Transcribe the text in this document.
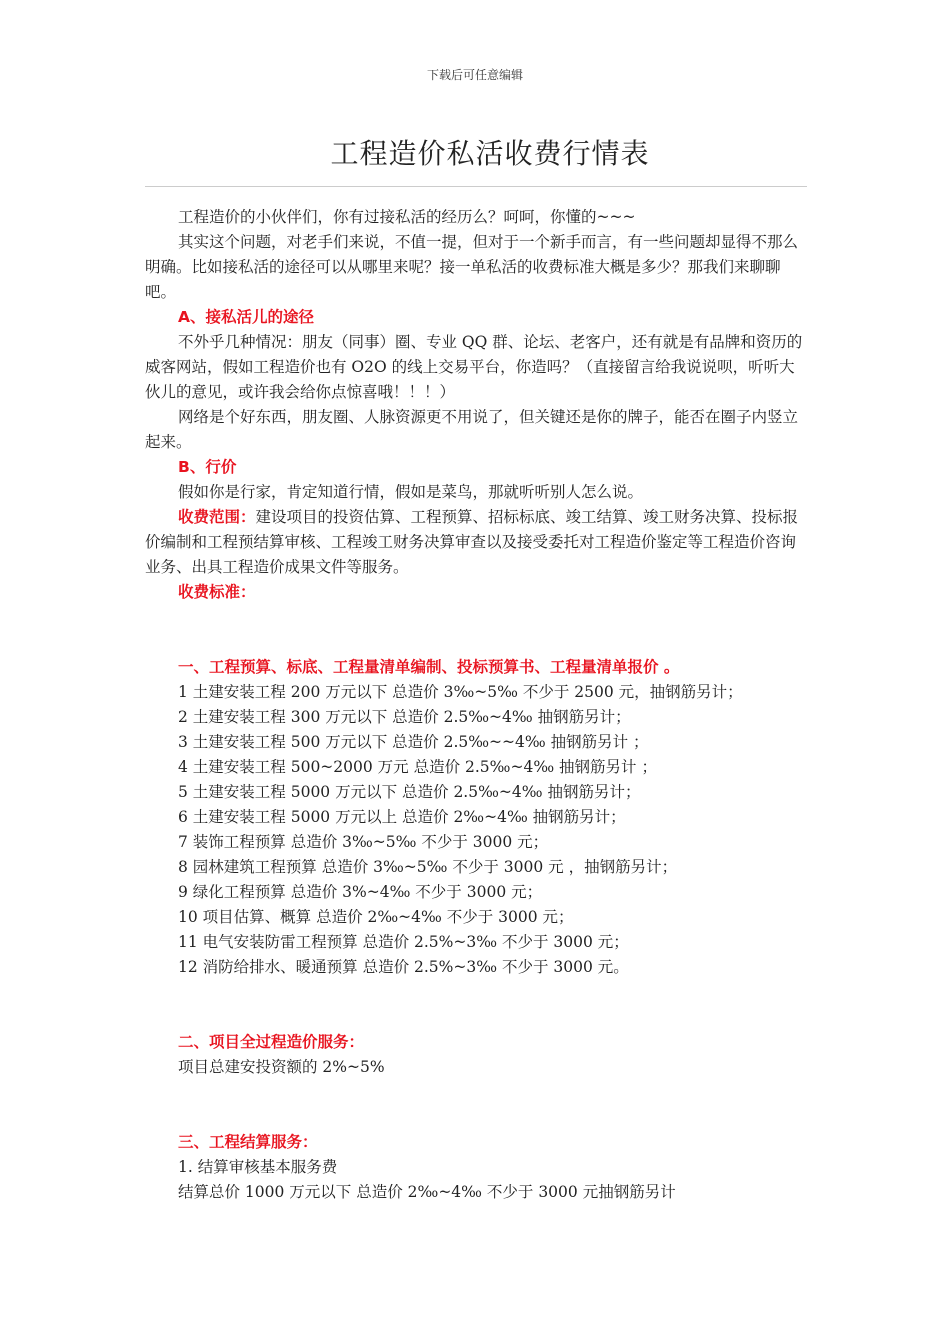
下载后可任意编辑
工程造价私活收费行情表

工程造价的小伙伴们，你有过接私活的经历么？呵呵，你懂的~~~

其实这个问题，对老手们来说，不值一提，但对于一个新手而言，有一些问题却显得不那么明确。比如接私活的途径可以从哪里来呢？接一单私活的收费标准大概是多少？那我们来聊聊吧。

A、接私活儿的途径

不外乎几种情况：朋友（同事）圈、专业 QQ 群、论坛、老客户，还有就是有品牌和资历的威客网站，假如工程造价也有 O2O 的线上交易平台，你造吗？（直接留言给我说说呗，听听大伙儿的意见，或许我会给你点惊喜哦！！！）

网络是个好东西，朋友圈、人脉资源更不用说了，但关键还是你的牌子，能否在圈子内竖立起来。

B、行价

假如你是行家，肯定知道行情，假如是菜鸟，那就听听别人怎么说。

收费范围：建设项目的投资估算、工程预算、招标标底、竣工结算、竣工财务决算、投标报价编制和工程预结算审核、工程竣工财务决算审查以及接受委托对工程造价鉴定等工程造价咨询业务、出具工程造价成果文件等服务。

收费标准：

一、工程预算、标底、工程量清单编制、投标预算书、工程量清单报价 。

1 土建安装工程 200 万元以下 总造价 3‰~5‰ 不少于 2500 元，抽钢筋另计；

2 土建安装工程 300 万元以下 总造价 2.5‰~4‰ 抽钢筋另计；

3 土建安装工程 500 万元以下 总造价 2.5‰~~4‰ 抽钢筋另计 ；

4 土建安装工程 500~2000 万元 总造价 2.5‰~4‰ 抽钢筋另计 ；

5 土建安装工程 5000 万元以下 总造价 2.5‰~4‰ 抽钢筋另计；

6 土建安装工程 5000 万元以上 总造价 2‰~4‰ 抽钢筋另计；

7 装饰工程预算 总造价 3‰~5‰ 不少于 3000 元；

8 园林建筑工程预算 总造价 3‰~5‰ 不少于 3000 元 ，抽钢筋另计；

9 绿化工程预算 总造价 3%~4‰ 不少于 3000 元；

10 项目估算、概算 总造价 2‰~4‰ 不少于 3000 元；

11 电气安装防雷工程预算 总造价 2.5%~3‰ 不少于 3000 元；

12 消防给排水、暖通预算 总造价 2.5%~3‰ 不少于 3000 元。

二、项目全过程造价服务：

项目总建安投资额的 2%~5%

三、工程结算服务：

1. 结算审核基本服务费

结算总价 1000 万元以下 总造价 2‰~4‰ 不少于 3000 元抽钢筋另计
